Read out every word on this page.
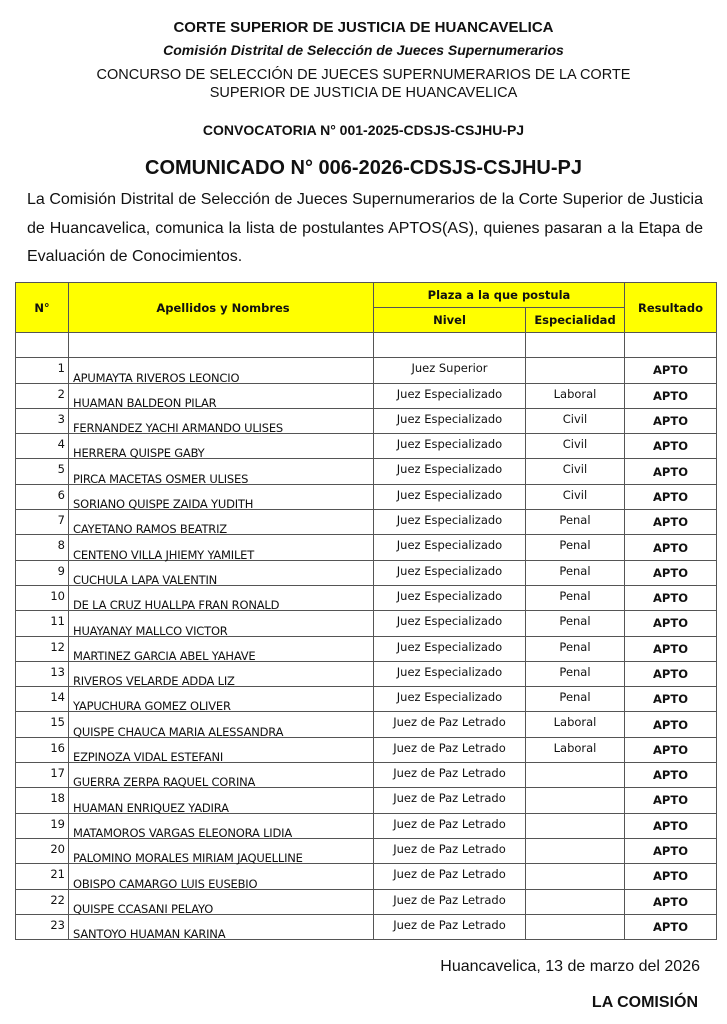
CORTE SUPERIOR DE JUSTICIA DE HUANCAVELICA
Comisión Distrital de Selección de Jueces Supernumerarios
CONCURSO DE SELECCIÓN DE JUECES SUPERNUMERARIOS DE LA CORTE
SUPERIOR DE JUSTICIA DE HUANCAVELICA
CONVOCATORIA N° 001-2025-CDSJS-CSJHU-PJ
COMUNICADO N° 006-2026-CDSJS-CSJHU-PJ
La Comisión Distrital de Selección de Jueces Supernumerarios de la Corte Superior de Justicia de Huancavelica, comunica la lista de postulantes APTOS(AS), quienes pasaran a la Etapa de Evaluación de Conocimientos.
N°	Apellidos y Nombres	Plaza a la que postula		Resultado
		Nivel	Especialidad	

1	APUMAYTA RIVEROS LEONCIO	Juez Superior		APTO
2	HUAMAN BALDEON PILAR	Juez Especializado	Laboral	APTO
3	FERNANDEZ YACHI ARMANDO ULISES	Juez Especializado	Civil	APTO
4	HERRERA QUISPE GABY	Juez Especializado	Civil	APTO
5	PIRCA MACETAS OSMER ULISES	Juez Especializado	Civil	APTO
6	SORIANO QUISPE ZAIDA YUDITH	Juez Especializado	Civil	APTO
7	CAYETANO RAMOS BEATRIZ	Juez Especializado	Penal	APTO
8	CENTENO VILLA JHIEMY YAMILET	Juez Especializado	Penal	APTO
9	CUCHULA LAPA VALENTIN	Juez Especializado	Penal	APTO
10	DE LA CRUZ HUALLPA FRAN RONALD	Juez Especializado	Penal	APTO
11	HUAYANAY MALLCO VICTOR	Juez Especializado	Penal	APTO
12	MARTINEZ GARCIA ABEL YAHAVE	Juez Especializado	Penal	APTO
13	RIVEROS VELARDE ADDA LIZ	Juez Especializado	Penal	APTO
14	YAPUCHURA GOMEZ OLIVER	Juez Especializado	Penal	APTO
15	QUISPE CHAUCA MARIA ALESSANDRA	Juez de Paz Letrado	Laboral	APTO
16	EZPINOZA VIDAL ESTEFANI	Juez de Paz Letrado	Laboral	APTO
17	GUERRA ZERPA RAQUEL CORINA	Juez de Paz Letrado		APTO
18	HUAMAN ENRIQUEZ YADIRA	Juez de Paz Letrado		APTO
19	MATAMOROS VARGAS ELEONORA LIDIA	Juez de Paz Letrado		APTO
20	PALOMINO MORALES MIRIAM JAQUELLINE	Juez de Paz Letrado		APTO
21	OBISPO CAMARGO LUIS EUSEBIO	Juez de Paz Letrado		APTO
22	QUISPE CCASANI PELAYO	Juez de Paz Letrado		APTO
23	SANTOYO HUAMAN KARINA	Juez de Paz Letrado		APTO
Huancavelica, 13 de marzo del 2026
LA COMISIÓN
